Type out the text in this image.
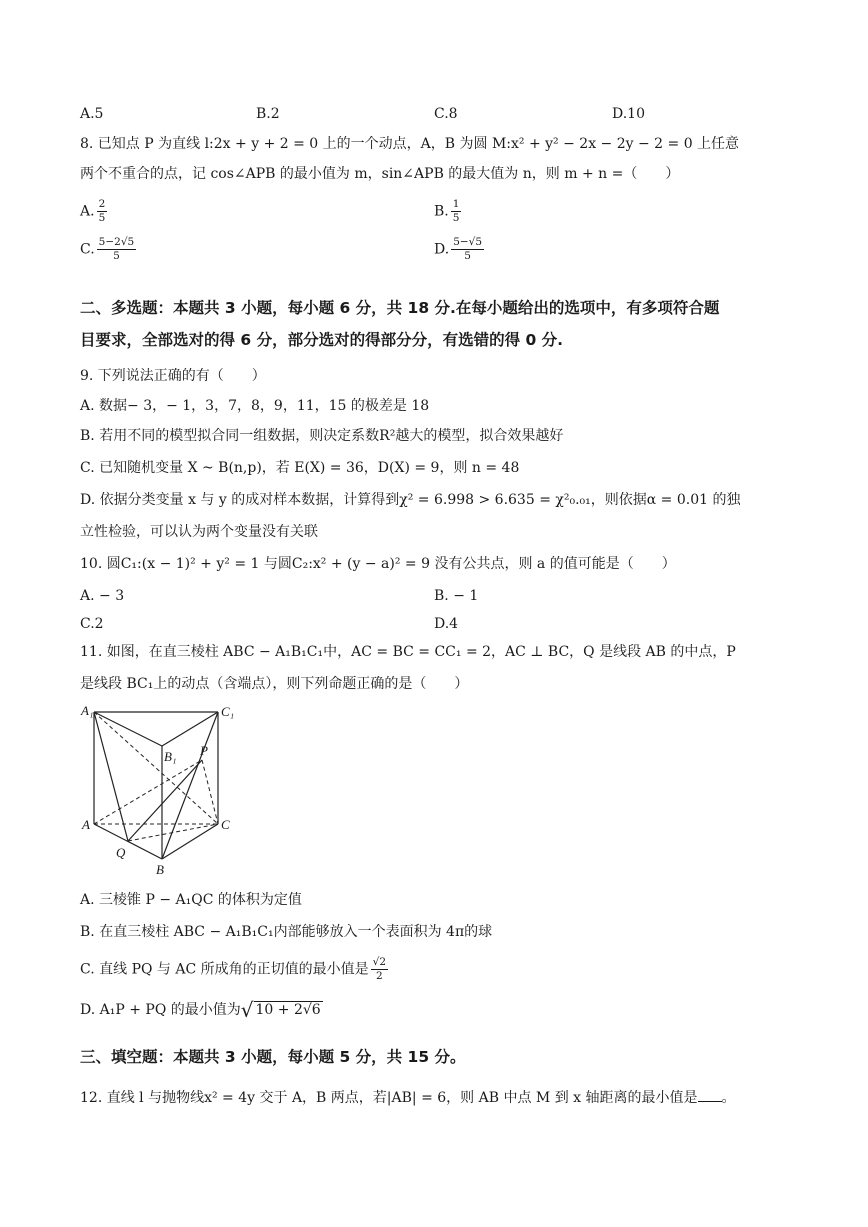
A.5	B.2	C.8	D.10
8. 已知点 P 为直线 l:2x + y + 2 = 0 上的一个动点，A，B 为圆 M:x² + y² − 2x − 2y − 2 = 0 上任意
两个不重合的点，记 cos∠APB 的最小值为 m，sin∠APB 的最大值为 n，则 m + n =（　　）
A. $\frac{2}{5}$	B. $\frac{1}{5}$
C. $\frac{5-2√5}{5}$	D. $\frac{5-√5}{5}$
二、多选题：本题共 3 小题，每小题 6 分，共 18 分.在每小题给出的选项中，有多项符合题
目要求，全部选对的得 6 分，部分选对的得部分分，有选错的得 0 分.
9. 下列说法正确的有（　　）
A. 数据− 3，− 1，3，7，8，9，11，15 的极差是 18
B. 若用不同的模型拟合同一组数据，则决定系数R²越大的模型，拟合效果越好
C. 已知随机变量 X ~ B(n,p)，若 E(X) = 36，D(X) = 9，则 n = 48
D. 依据分类变量 x 与 y 的成对样本数据，计算得到χ² = 6.998 > 6.635 = χ²₀.₀₁，则依据α = 0.01 的独
立性检验，可以认为两个变量没有关联
10. 圆C₁:(x − 1)² + y² = 1 与圆C₂:x² + (y − a)² = 9 没有公共点，则 a 的值可能是（　　）
A. − 3	B. − 1
C.2	D.4
11. 如图，在直三棱柱 ABC − A₁B₁C₁中，AC = BC = CC₁ = 2，AC ⊥ BC，Q 是线段 AB 的中点，P
是线段 BC₁上的动点（含端点），则下列命题正确的是（　　）
A₁	C₁
B₁ P
A	C
Q
B
A. 三棱锥 P − A₁QC 的体积为定值
B. 在直三棱柱 ABC − A₁B₁C₁内部能够放入一个表面积为 4π的球
C. 直线 PQ 与 AC 所成角的正切值的最小值是 $\frac{√2}{2}$
D. A₁P + PQ 的最小值为√ 10 + 2√6
三、填空题：本题共 3 小题，每小题 5 分，共 15 分。
12. 直线 l 与抛物线x² = 4y 交于 A，B 两点，若|AB| = 6，则 AB 中点 M 到 x 轴距离的最小值是 。
